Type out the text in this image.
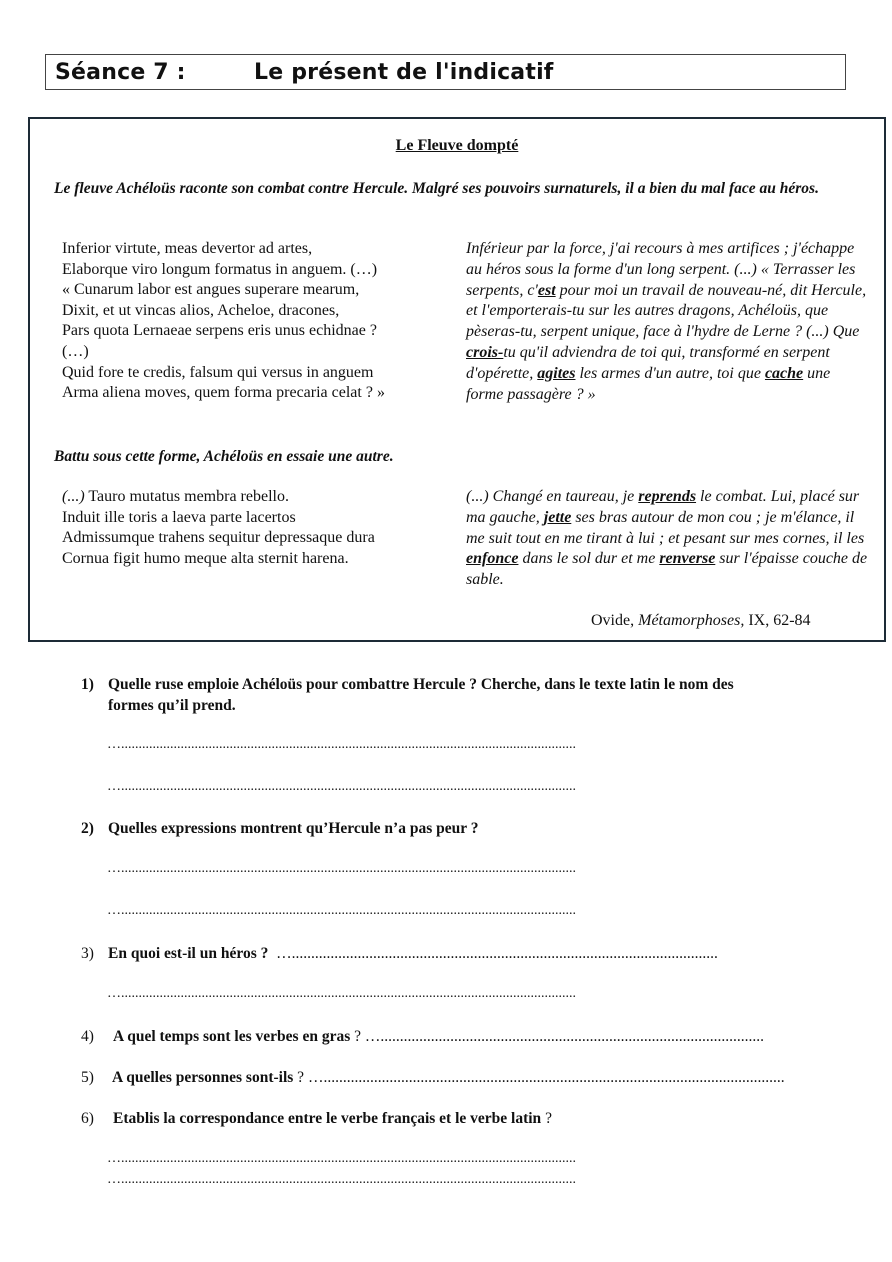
Séance 7 :	Le présent de l'indicatif
Le Fleuve dompté
Le fleuve Achéloüs raconte son combat contre Hercule. Malgré ses pouvoirs surnaturels, il a bien du mal face au héros.
Inferior virtute, meas devertor ad artes,
Elaborque viro longum formatus in anguem. (…)
« Cunarum labor est angues superare mearum,
Dixit, et ut vincas alios, Acheloe, dracones,
Pars quota Lernaeae serpens eris unus echidnae ?
(…)
Quid fore te credis, falsum qui versus in anguem
Arma aliena moves, quem forma precaria celat ? »
Inférieur par la force, j'ai recours à mes artifices ; j'échappe au héros sous la forme d'un long serpent. (...) « Terrasser les serpents, c'est pour moi un travail de nouveau-né, dit Hercule, et l'emporterais-tu sur les autres dragons, Achéloüs, que pèseras-tu, serpent unique, face à l'hydre de Lerne ? (...) Que crois-tu qu'il adviendra de toi qui, transformé en serpent d'opérette, agites les armes d'un autre, toi que cache une forme passagère ? »
Battu sous cette forme, Achéloüs en essaie une autre.
(...) Tauro mutatus membra rebello.
Induit ille toris a laeva parte lacertos
Admissumque trahens sequitur depressaque dura
Cornua figit humo meque alta sternit harena.
(...) Changé en taureau, je reprends le combat. Lui, placé sur ma gauche, jette ses bras autour de mon cou ; je m'élance, il me suit tout en me tirant à lui ; et pesant sur mes cornes, il les enfonce dans le sol dur et me renverse sur l'épaisse couche de sable.
Ovide, Métamorphoses, IX, 62-84
1) Quelle ruse emploie Achéloüs pour combattre Hercule ? Cherche, dans le texte latin le nom des
formes qu’il prend.
…..................................................................................................................................
…..................................................................................................................................
2) Quelles expressions montrent qu’Hercule n’a pas peur ?
…..................................................................................................................................
…..................................................................................................................................
3) En quoi est-il un héros ? …..............................................................................................................
…..................................................................................................................................
4) A quel temps sont les verbes en gras ? …...................................................................................................
5) A quelles personnes sont-ils ? ….......................................................................................................................
6) Etablis la correspondance entre le verbe français et le verbe latin ?
…..................................................................................................................................
…..................................................................................................................................
